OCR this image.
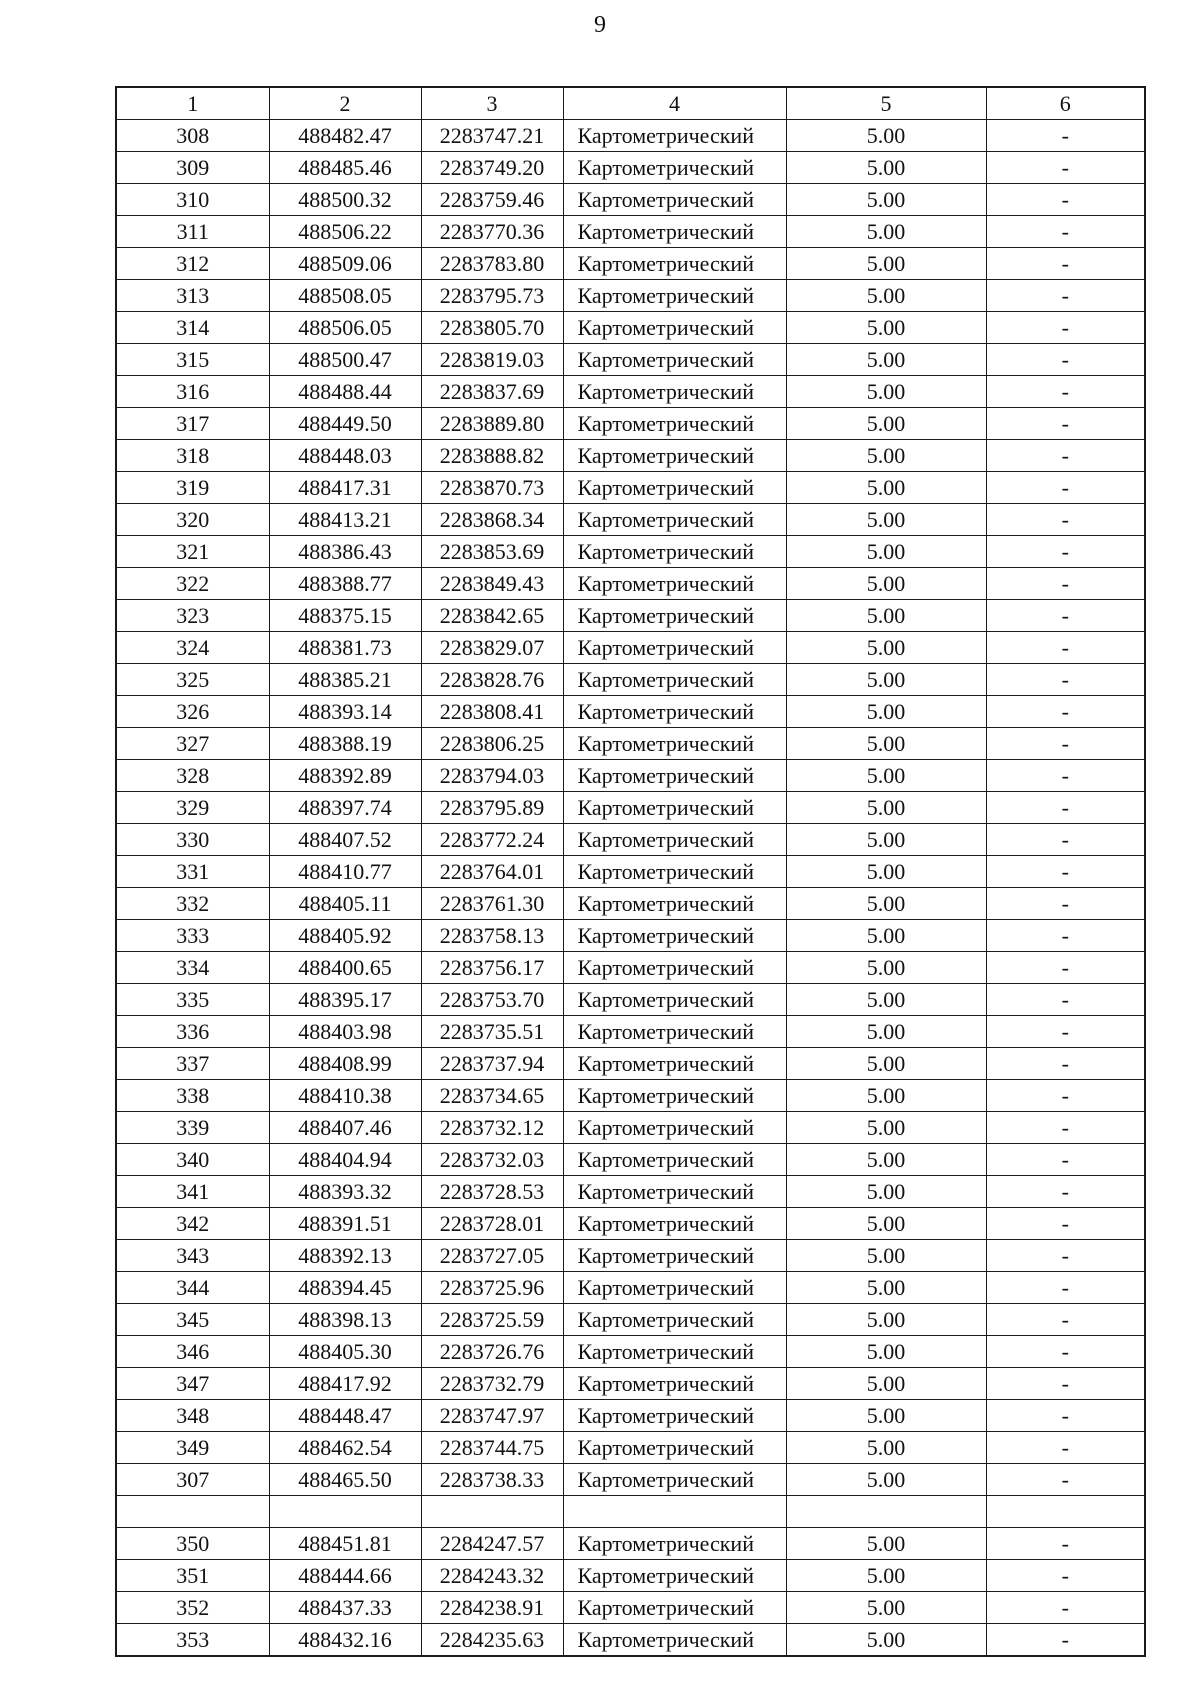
9
1	2	3	4	5	6
308	488482.47	2283747.21	Картометрический	5.00	-
309	488485.46	2283749.20	Картометрический	5.00	-
310	488500.32	2283759.46	Картометрический	5.00	-
311	488506.22	2283770.36	Картометрический	5.00	-
312	488509.06	2283783.80	Картометрический	5.00	-
313	488508.05	2283795.73	Картометрический	5.00	-
314	488506.05	2283805.70	Картометрический	5.00	-
315	488500.47	2283819.03	Картометрический	5.00	-
316	488488.44	2283837.69	Картометрический	5.00	-
317	488449.50	2283889.80	Картометрический	5.00	-
318	488448.03	2283888.82	Картометрический	5.00	-
319	488417.31	2283870.73	Картометрический	5.00	-
320	488413.21	2283868.34	Картометрический	5.00	-
321	488386.43	2283853.69	Картометрический	5.00	-
322	488388.77	2283849.43	Картометрический	5.00	-
323	488375.15	2283842.65	Картометрический	5.00	-
324	488381.73	2283829.07	Картометрический	5.00	-
325	488385.21	2283828.76	Картометрический	5.00	-
326	488393.14	2283808.41	Картометрический	5.00	-
327	488388.19	2283806.25	Картометрический	5.00	-
328	488392.89	2283794.03	Картометрический	5.00	-
329	488397.74	2283795.89	Картометрический	5.00	-
330	488407.52	2283772.24	Картометрический	5.00	-
331	488410.77	2283764.01	Картометрический	5.00	-
332	488405.11	2283761.30	Картометрический	5.00	-
333	488405.92	2283758.13	Картометрический	5.00	-
334	488400.65	2283756.17	Картометрический	5.00	-
335	488395.17	2283753.70	Картометрический	5.00	-
336	488403.98	2283735.51	Картометрический	5.00	-
337	488408.99	2283737.94	Картометрический	5.00	-
338	488410.38	2283734.65	Картометрический	5.00	-
339	488407.46	2283732.12	Картометрический	5.00	-
340	488404.94	2283732.03	Картометрический	5.00	-
341	488393.32	2283728.53	Картометрический	5.00	-
342	488391.51	2283728.01	Картометрический	5.00	-
343	488392.13	2283727.05	Картометрический	5.00	-
344	488394.45	2283725.96	Картометрический	5.00	-
345	488398.13	2283725.59	Картометрический	5.00	-
346	488405.30	2283726.76	Картометрический	5.00	-
347	488417.92	2283732.79	Картометрический	5.00	-
348	488448.47	2283747.97	Картометрический	5.00	-
349	488462.54	2283744.75	Картометрический	5.00	-
307	488465.50	2283738.33	Картометрический	5.00	-

350	488451.81	2284247.57	Картометрический	5.00	-
351	488444.66	2284243.32	Картометрический	5.00	-
352	488437.33	2284238.91	Картометрический	5.00	-
353	488432.16	2284235.63	Картометрический	5.00	-
